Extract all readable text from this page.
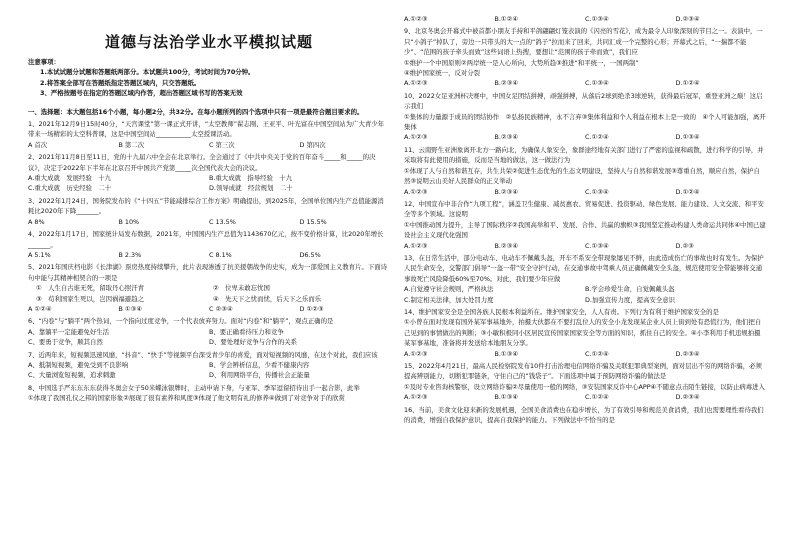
道德与法治学业水平模拟试题
注意事项：
1.本试试题分试题和答题纸两部分。本试题共100分，考试时间为70分钟。
2.将答案全部写在答题纸指定答题区域内，只交答题纸。
3、严格按题号在指定的答题区域内作答，超出答题区域书写的答案无效
一、选择题：本大题包括16个小题，每小题2分，共32分。在每小题所列的四个选项中只有一项是最符合题目要求的。
1、2021年12月9日15时40分，“天宫课堂”第一课正式开讲，“太空教师”翟志刚、王亚平、叶光富在中国空间站为广大青少年带来一场精彩的太空科普课，这是中国空间站___________太空授课活动。
A 首次	B 第二次	C 第三次	D 第四次
2、2021年11月8日至11日，党的十九届六中全会在北京举行。全会通过了《中共中央关于党的百年奋斗_____和_____的决议》，决定于2022年下半年在北京召开中国共产党第_____次全国代表大会的决议。
A.重大成就　发展经验　十九	B.重大成就　指导经验　十九
C.重大成就　历史经验　二十	D.领导成就　经营规划　二十
3、2022年1月24日，国务院发布的《“十四五”节能减排综合工作方案》明确提出，到2025年，全国单位国内生产总值能源消耗比2020年下降_______。
A 8%	B 10%	C 13.5%	D 15.5%
4、2022年1月17日，国家统计局发布数据，2021年，中国国内生产总值为1143670亿元，按不变价格计算，比2020年增长_______。
A 5.1%	B 2.3%	C 8.1%	D6.5%
5、2021年国庆档电影《长津湖》票房热度持续攀升，此片表现渗透了抗美援朝战争的史实，成为一部爱国主义教育片。下面诗句中能与其精神相契合的一项是
①　人生自古谁无死，留取丹心照汗青	②　位卑未敢忘忧国
③　苟利国家生死以，岂因祸福避趋之	④　先天下之忧而忧，后天下之乐而乐
A ①②④	B ①③④	C ②③④	D ①②③
6、“内卷”与“躺平”两个热词，一个指向过度竞争，一个代表放弃努力。面对“内卷”和“躺平”，观点正确的是
A、靠躺平一定能避免好生活	B、要正确看待压力和竞争
C、要勇于竞争，顺其自然	D、要处理好竞争与合作的关系
7、近两年来，短视频迅速风靡，“抖音”、“快手”等视频平台深受青少年的喜爱，面对短视频的风靡，在这个对此，我们应该
A、抵制短视频，避免受到不良影响	B、学会辨析信息，少看不健康内容
C、大量浏览短视频，追求刺激	D、利用网络平台，传播社会正能量
8、中国选手严东东东东获得冬奥会女子50米蝶泳银牌时，主动申请下身，与亚军、季军逗留招待出手一起合影，此举
①体现了我国孔仪之邦的国家形象②展现了很有素养和风度③体现了他文明有礼的修养④做到了对竞争对手的欣赏
A.①②③	B.①②④	C.①③④	D.②③④
9、北京冬奥会开幕式中被首都小朋友手持和平鸽翩翩灯笼表演的《闪亮的雪花》，成为最令人印象深刻的节目之一。表演中，一只“小鸽子”掉队了，旁边一只带头的大一点的“鸽子”拉而来了回来，共同汇成一个完整的心形；开幕式之后，“一揣都不能少”、“范围的孩子牵头而致”这些词语上热搜，要想让“范围的孩子牵而致”，我们应
①维护一个中国原则②两岸统一是人心所向，大势所趋③推进“和平统一，一国两制”
④维护国家统一，反对分裂
A.①②③	B.②③④	C.①③④	D.①②④
10、2022女足亚洲杯决赛中，中国女足团结拼搏，顽强拼搏，从落后2球到绝杀3球逆转，获得最后冠军，重登亚洲之巅！这启示我们
①集体的力量源于成员的团结协作　②弘扬民族精神，永不言弃③集体利益和个人利益在根本上是一致的　④个人可能加强，离开集体
A.①②③	B.②③④	C.①②④	D.①③④
11、云南野生亚洲象离开北方一路向北，为确保人象安全，象群途经地有关部门进行了严密的监视和疏散，进行科学的引导，并采取将有此使用的措施，反而是当地的做法，这一做法行为
①体现了人与自然和谐互存，共生共荣②促进生态优先的生态文明建设，坚持人与自然和谐发展③尊重自然，顺应自然，保护自然③说明云山美好人民群众的正义举动
A.①②③	B.②③④	C.①③④	D.①②④
12、中国宣布中非合作“九项工程”，涵盖卫生健康、减贫惠农、贸易促进、投资驱动、绿色发展、能力建设、人文交流、和平安全等多个领域。这说明
①中国推动国力提升，主导了国际秩序②我国高举和平、发展、合作、共赢的旗帜③我国坚定推动构建人类命运共同体④中国已建设社会主义现代化强国
A.①②③	B.②③④	C.①③④	D.②③
13、在日常生活中，部分电动车、电动车不佩戴头盔，开车不系安全带现象屡见不鲜，由此造成伤亡的事故也时有发生。为保护人民生命安全，交警部门倡导“一盔一带”安全守护行动，在交通事故中驾乘人员正确佩戴安全头盔，规范使用安全带能够将交通事故死亡风险降低60%至70%。对此，我们要少年应做
A.自觉遵守社会规则，严格执法	B.学会珍爱生命，自觉佩戴头盔
C.制定相关法律，加大处罚力度	D.加强宣传力度，提高安全意识
14、维护国家安全是全国各族人民根本利益所在。维护国家安全，人人有责。下列行为有利于维护国家安全的是
①小曾在面对发现有国外某军事基地外，拍摄大伙都在不要打乱位人的安全小龙发现某企业人员上街到处有恐慌行为，他们把自己见到的事情做出的判断；③小敏积极同小区居民宣传国家国家安全等方面的知识，抓住自己的安全。④小李利用手机违规拍摄某军事基地，准备将并发送给本地朋友分享。
A.①②③	B.①③④	C.①②④	D.②③④
15、2022年4月21日，最高人民检察院发布10件打击治理电信网络诈骗及关联犯罪典型案例，面对层出不穷的网络诈骗，必须提高辨别能力，切断犯罪链条，守住自己的“钱袋子”。下面选项中属于预防网络诈骗的做法是
①及时专业咨询核警察，设立网络诈骗②尽量使用一般的网络，③安装国家反诈中心APP④不随意点击陌生链接，以防止病毒进入
A.①②③	B.①③④	C.①②④	D.②③④
16、当前，美食文化迎来新的发展机遇，全国美食消费也在稳步增长，为了有效引导和规范美食消费，我们也需要理性看待我们的消费，增强自我保护意识，提高自我保护的能力。下列做法中不恰当的是
